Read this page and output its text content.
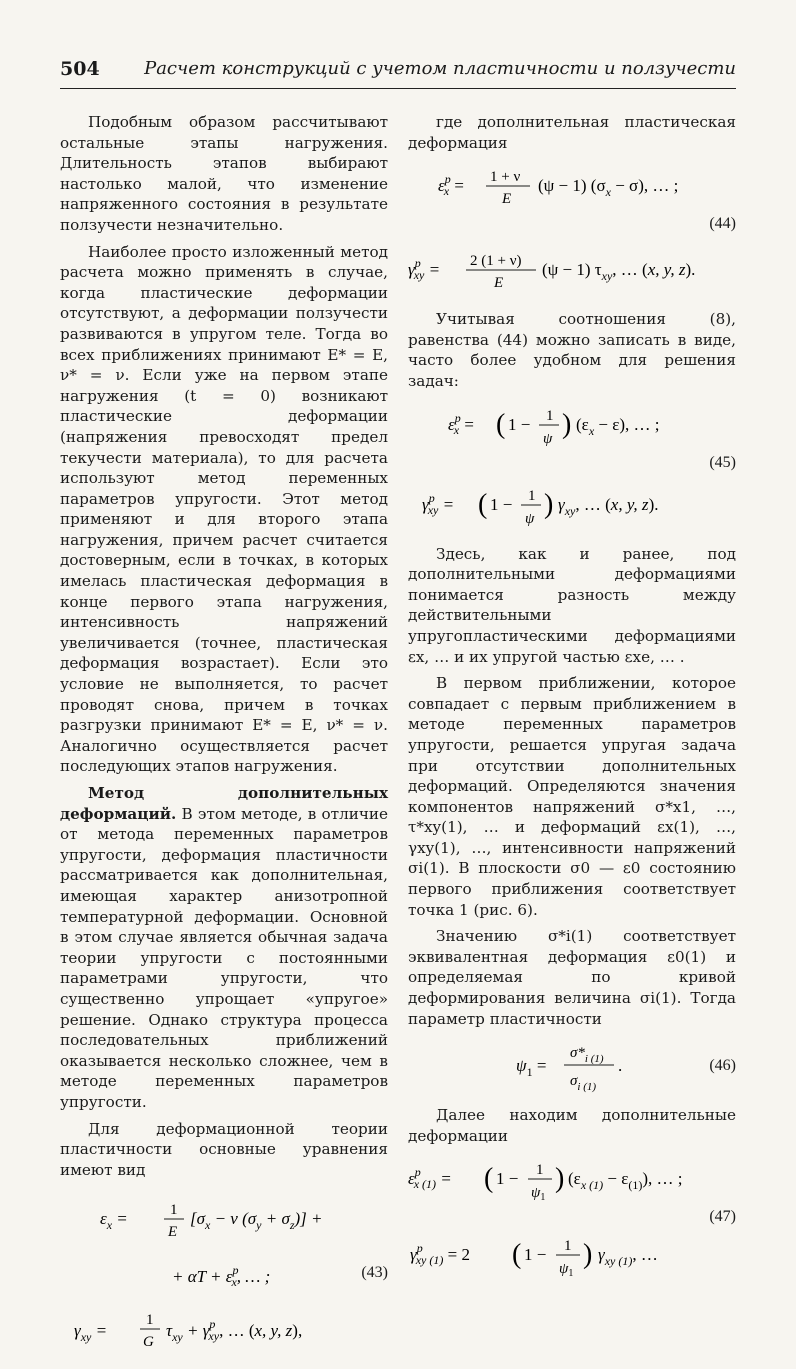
504 Расчет конструкций с учетом пластичности и ползучести

Подобным образом рассчитывают остальные этапы нагружения. Длительность этапов выбирают настолько малой, что изменение напряженного состояния в результате ползучести незначительно.

Наиболее просто изложенный метод расчета можно применять в случае, когда пластические деформации отсутствуют, а деформации ползучести развиваются в упругом теле. Тогда во всех приближениях принимают E* = E, ν* = ν. Если уже на первом этапе нагружения (t = 0) возникают пластические деформации (напряжения превосходят предел текучести материала), то для расчета используют метод переменных параметров упругости. Этот метод применяют и для второго этапа нагружения, причем расчет считается достоверным, если в точках, в которых имелась пластическая деформация в конце первого этапа нагружения, интенсивность напряжений увеличивается (точнее, пластическая деформация возрастает). Если это условие не выполняется, то расчет проводят снова, причем в точках разгрузки принимают E* = E, ν* = ν. Аналогично осуществляется расчет последующих этапов нагружения.

Метод дополнительных деформаций. В этом методе, в отличие от метода переменных параметров упругости, деформация пластичности рассматривается как дополнительная, имеющая характер анизотропной температурной деформации. Основной в этом случае является обычная задача теории упругости с постоянными параметрами упругости, что существенно упрощает «упругое» решение. Однако структура процесса последовательных приближений оказывается несколько сложнее, чем в методе переменных параметров упругости.

Для деформационной теории пластичности основные уравнения имеют вид

$\varepsilon_x$ =	1
E
[$\sigma_x - \nu$ $(\sigma_y + \sigma_z)$] +
+ $\alpha T + \varepsilon^p$ x, … ;	(43)
$\gamma_{xy}$ =
1
G
$\tau_{xy} + \gamma^p$ xy, … (x, y, z),

где дополнительная пластическая деформация

$\varepsilon^p$ x = 1 + ν
E
(ψ − 1) $(\sigma_x - \sigma)$, … ;
(44)
$\gamma^p$ xy = 2 (1 + ν)
E
(ψ − 1) $\tau_{xy}$, … (x, y, z).

Учитывая соотношения (8), равенства (44) можно записать в виде, часто более удобном для решения задач:

$\varepsilon^p$ x = ( 1 − 1
ψ ) $(\varepsilon_x - \varepsilon)$, … ;
(45)
$\gamma^p$ xy = ( 1 − 1
ψ ) $\gamma_{xy}$, … (x, y, z).

Здесь, как и ранее, под дополнительными деформациями понимается разность между действительными упругопластическими деформациями εx, … и их упругой частью εxe, … .

В первом приближении, которое совпадает с первым приближением в методе переменных параметров упругости, решается упругая задача при отсутствии дополнительных деформаций. Определяются значения компонентов напряжений σ*x1, …, τ*xy(1), … и деформаций εx(1), …, γxy(1), …, интенсивности напряжений σi(1). В плоскости σ0 — ε0 состоянию первого приближения соответствует точка 1 (рис. 6).

Значению σ*i(1) соответствует эквивалентная деформация ε0(1) и определяемая по кривой деформирования величина σi(1). Тогда параметр пластичности

$\psi_1$ =
$\sigma*_{i (1)}$
$\sigma_{i (1)}$
.	(46)

Далее находим дополнительные деформации

$\varepsilon^p$ x (1) = ( 1 − 1
$\psi_1$
) $(\varepsilon_{x (1)} - \varepsilon_{(1)})$, … ;
(47)
$\gamma^p$ xy (1) = 2 ( 1 − 1
$\psi_1$
) $\gamma_{xy (1)}$, …
